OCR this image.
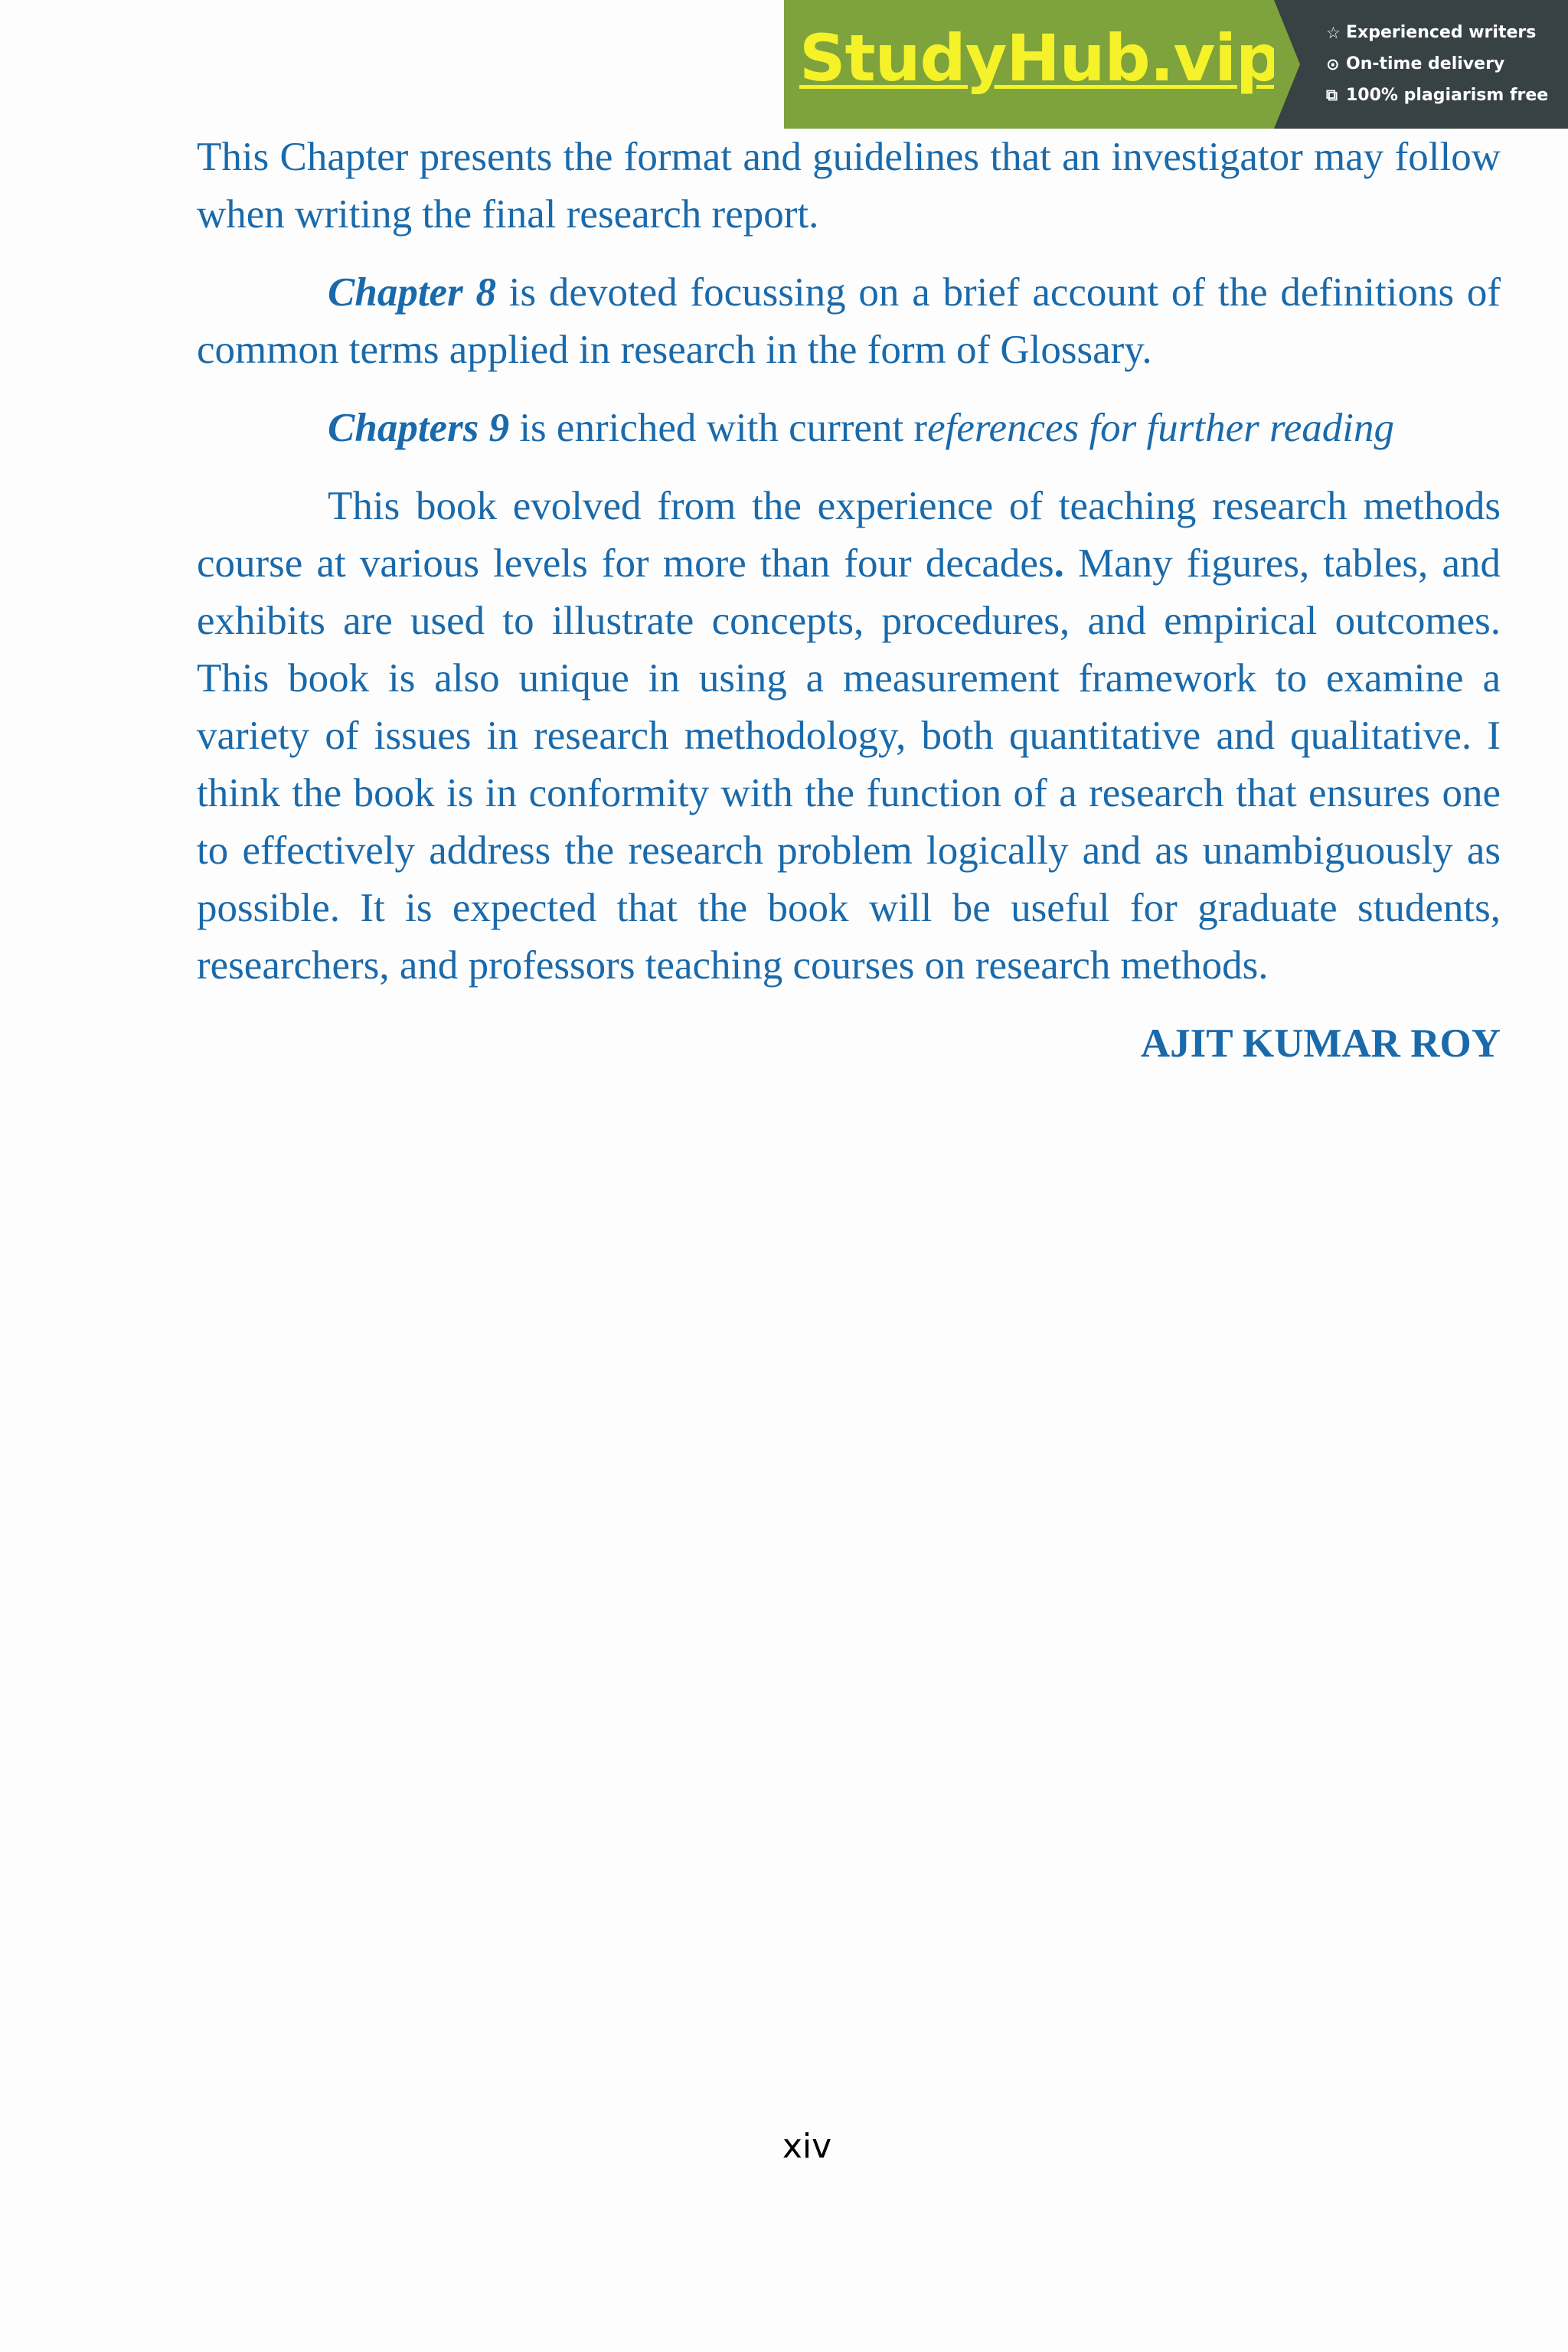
StudyHub.vip	☆ Experienced writers
⊙ On-time delivery
⧉ 100% plagiarism free

This Chapter presents the format and guidelines that an investigator may follow when writing the final research report.

Chapter 8 is devoted focussing on a brief account of the definitions of common terms applied in research in the form of Glossary.

Chapters 9 is enriched with current references for further reading

This book evolved from the experience of teaching research methods course at various levels for more than four decades. Many figures, tables, and exhibits are used to illustrate concepts, procedures, and empirical outcomes. This book is also unique in using a measurement framework to examine a variety of issues in research methodology, both quantitative and qualitative. I think the book is in conformity with the function of a research that ensures one to effectively address the research problem logically and as unambiguously as possible. It is expected that the book will be useful for graduate students, researchers, and professors teaching courses on research methods.

AJIT KUMAR ROY

xiv
